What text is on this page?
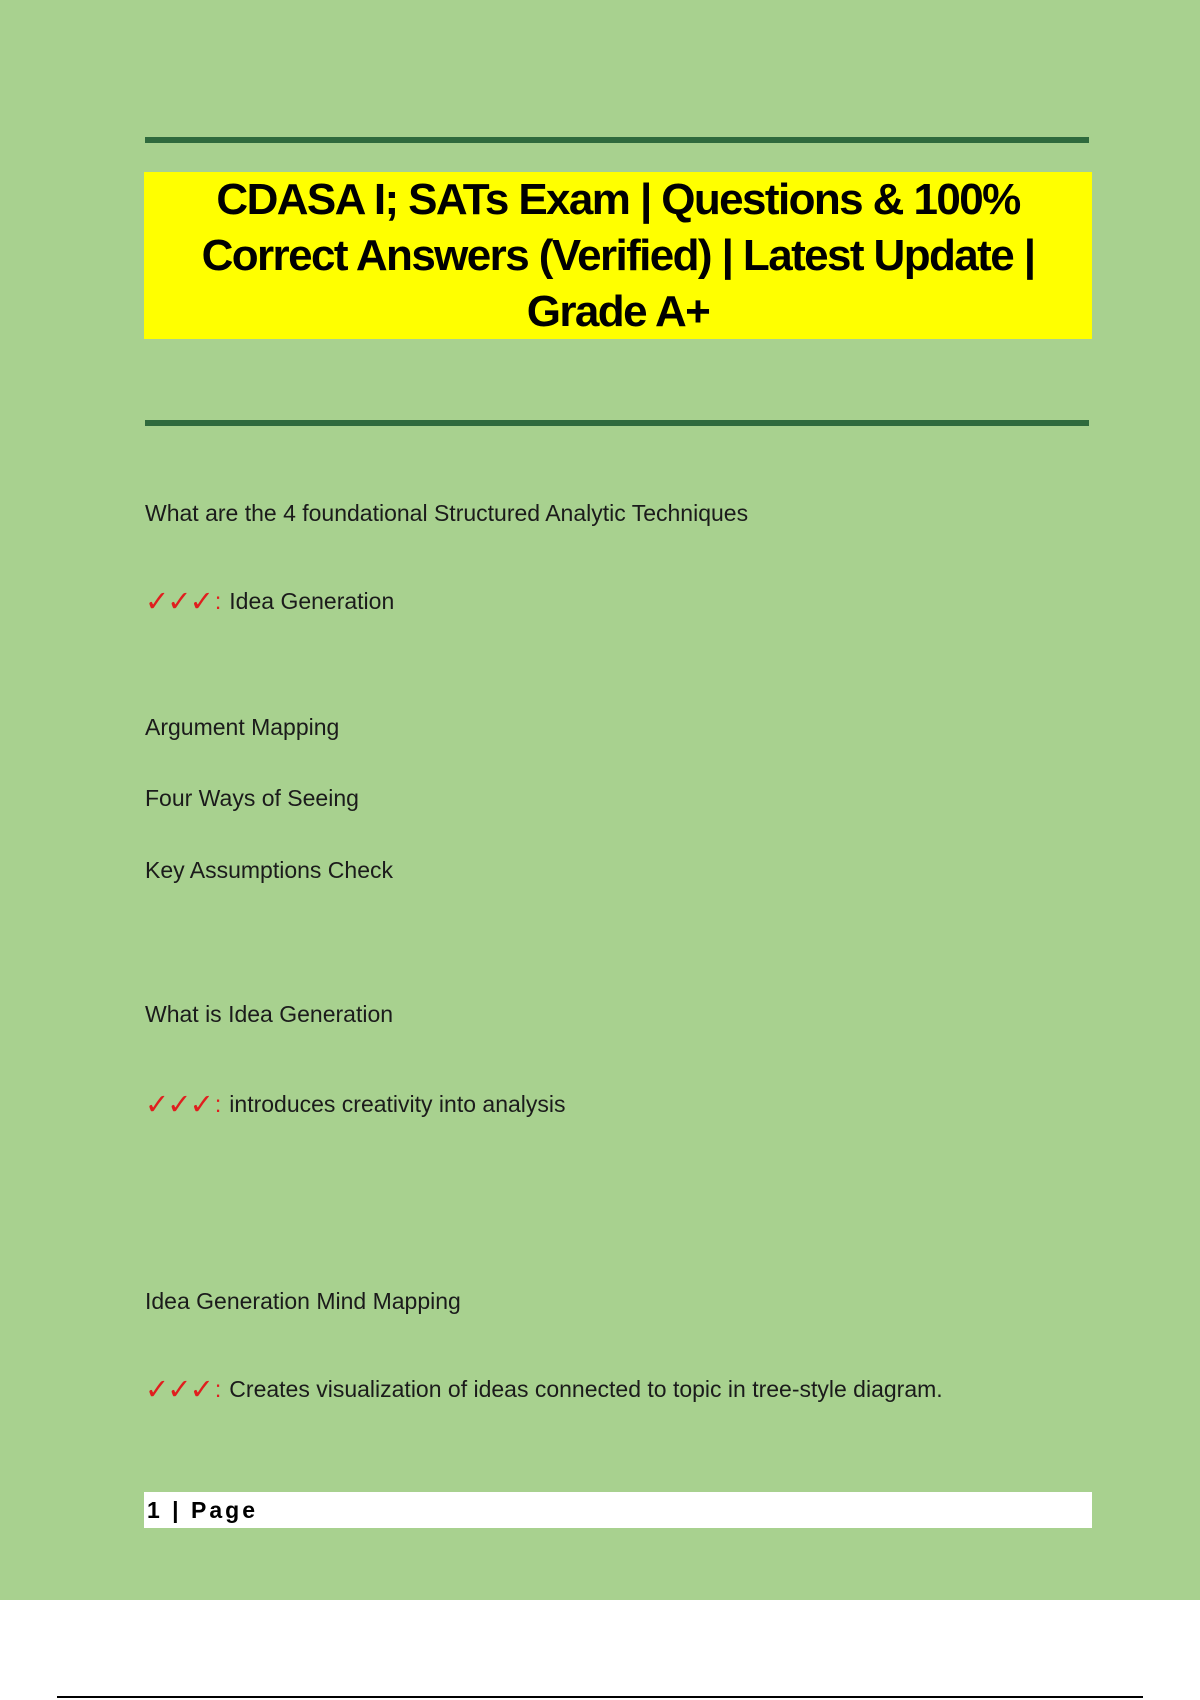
CDASA I; SATs Exam | Questions & 100% Correct Answers (Verified) | Latest Update | Grade A+

What are the 4 foundational Structured Analytic Techniques

✓✓✓ : Idea Generation

Argument Mapping

Four Ways of Seeing

Key Assumptions Check

What is Idea Generation

✓✓✓ : introduces creativity into analysis

Idea Generation Mind Mapping

✓✓✓ : Creates visualization of ideas connected to topic in tree-style diagram.
1 | Page
